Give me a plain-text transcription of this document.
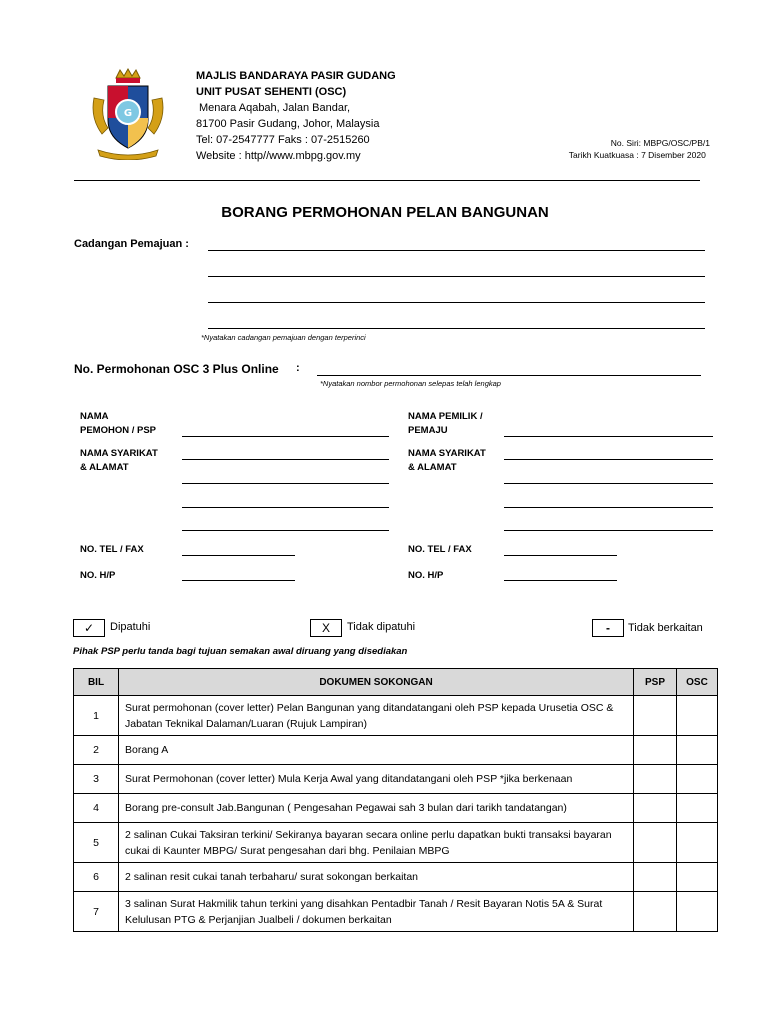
G
MAJLIS BANDARAYA PASIR GUDANG
UNIT PUSAT SEHENTI (OSC)
Menara Aqabah, Jalan Bandar,
81700 Pasir Gudang, Johor, Malaysia
Tel: 07-2547777 Faks : 07-2515260
Website : http//www.mbpg.gov.my
No. Siri: MBPG/OSC/PB/1
Tarikh Kuatkuasa : 7 Disember 2020
BORANG PERMOHONAN PELAN BANGUNAN
Cadangan Pemajuan :
*Nyatakan cadangan pemajuan dengan terperinci
No. Permohonan OSC 3 Plus Online :
*Nyatakan nombor permohonan selepas telah lengkap
NAMA
PEMOHON / PSP
NAMA SYARIKAT
& ALAMAT
NO. TEL / FAX
NO. H/P
NAMA PEMILIK /
PEMAJU
NAMA SYARIKAT
& ALAMAT
NO. TEL / FAX
NO. H/P
✓	Dipatuhi	X	Tidak dipatuhi	-	Tidak berkaitan
Pihak PSP perlu tanda bagi tujuan semakan awal diruang yang disediakan
BIL	DOKUMEN SOKONGAN	PSP	OSC
1	Surat permohonan (cover letter) Pelan Bangunan yang ditandatangani oleh PSP kepada Urusetia OSC & Jabatan Teknikal Dalaman/Luaran (Rujuk Lampiran)		
2	Borang A		
3	Surat Permohonan (cover letter) Mula Kerja Awal yang ditandatangani oleh PSP *jika berkenaan		
4	Borang pre-consult Jab.Bangunan ( Pengesahan Pegawai sah 3 bulan dari tarikh tandatangan)		
5	2 salinan Cukai Taksiran terkini/ Sekiranya bayaran secara online perlu dapatkan bukti transaksi bayaran cukai di Kaunter MBPG/ Surat pengesahan dari bhg. Penilaian MBPG		
6	2 salinan resit cukai tanah terbaharu/ surat sokongan berkaitan		
7	3 salinan Surat Hakmilik tahun terkini yang disahkan Pentadbir Tanah / Resit Bayaran Notis 5A & Surat Kelulusan PTG & Perjanjian Jualbeli / dokumen berkaitan		
